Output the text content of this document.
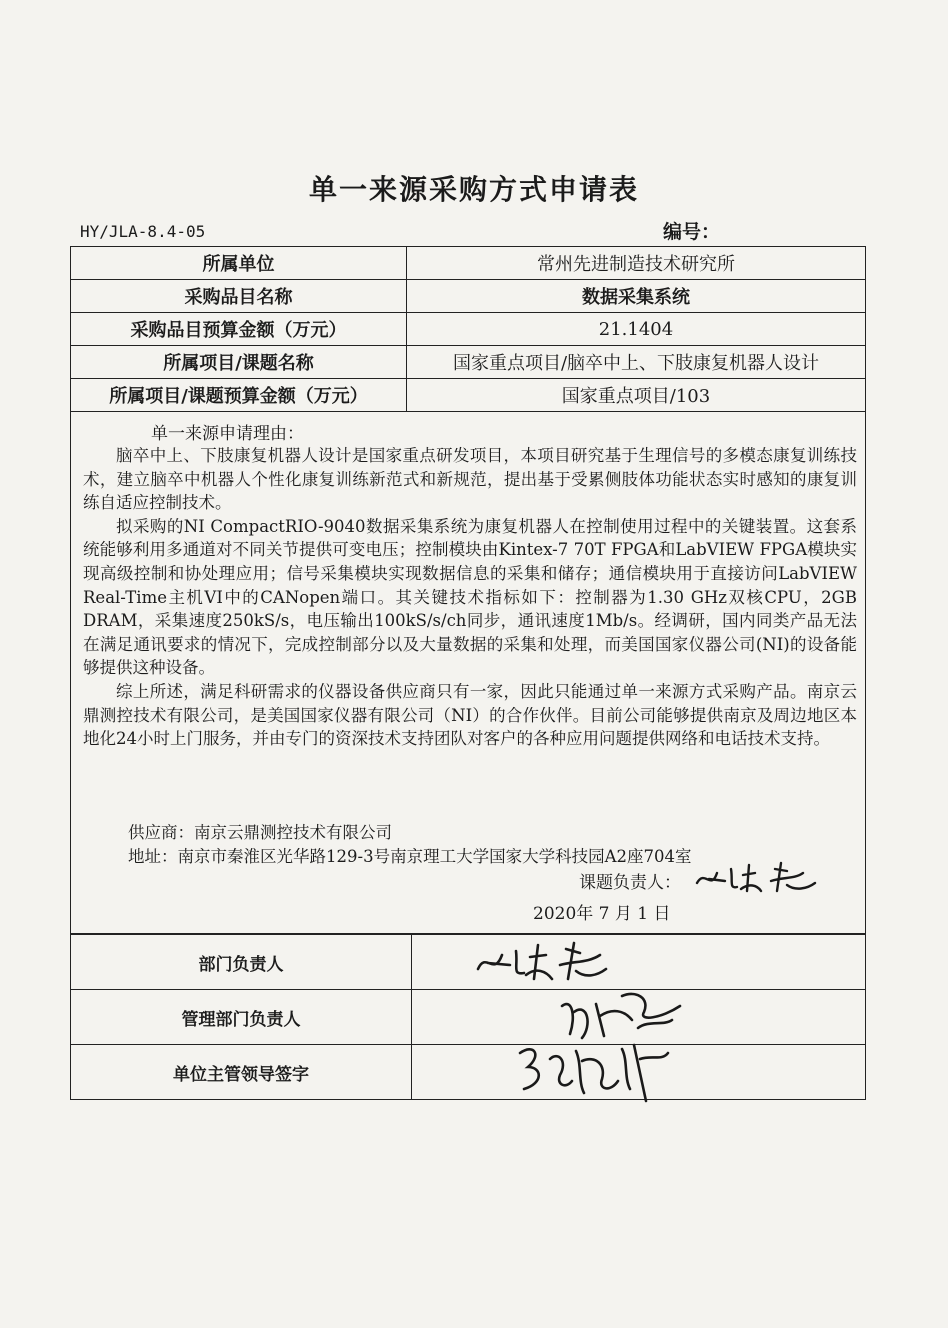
单一来源采购方式申请表
HY/JLA-8.4-05	编号：
所属单位	常州先进制造技术研究所
采购品目名称	数据采集系统
采购品目预算金额（万元）	21.1404
所属项目/课题名称	国家重点项目/脑卒中上、下肢康复机器人设计
所属项目/课题预算金额（万元）	国家重点项目/103
单一来源申请理由：

脑卒中上、下肢康复机器人设计是国家重点研发项目，本项目研究基于生理信号的多模态康复训练技术，建立脑卒中机器人个性化康复训练新范式和新规范，提出基于受累侧肢体功能状态实时感知的康复训练自适应控制技术。

拟采购的NI CompactRIO-9040数据采集系统为康复机器人在控制使用过程中的关键装置。这套系统能够利用多通道对不同关节提供可变电压；控制模块由Kintex-7 70T FPGA和LabVIEW FPGA模块实现高级控制和协处理应用；信号采集模块实现数据信息的采集和储存；通信模块用于直接访问LabVIEW Real-Time主机VI中的CANopen端口。其关键技术指标如下：控制器为1.30 GHz双核CPU，2GB DRAM，采集速度250kS/s，电压输出100kS/s/ch同步，通讯速度1Mb/s。经调研，国内同类产品无法在满足通讯要求的情况下，完成控制部分以及大量数据的采集和处理，而美国国家仪器公司(NI)的设备能够提供这种设备。

综上所述，满足科研需求的仪器设备供应商只有一家，因此只能通过单一来源方式采购产品。南京云鼎测控技术有限公司，是美国国家仪器有限公司（NI）的合作伙伴。目前公司能够提供南京及周边地区本地化24小时上门服务，并由专门的资深技术支持团队对客户的各种应用问题提供网络和电话技术支持。

供应商：南京云鼎测控技术有限公司
地址：南京市秦淮区光华路129-3号南京理工大学国家大学科技园A2座704室
课题负责人：
2020年 7 月 1 日
部门负责人	

管理部门负责人	

单位主管领导签字	
